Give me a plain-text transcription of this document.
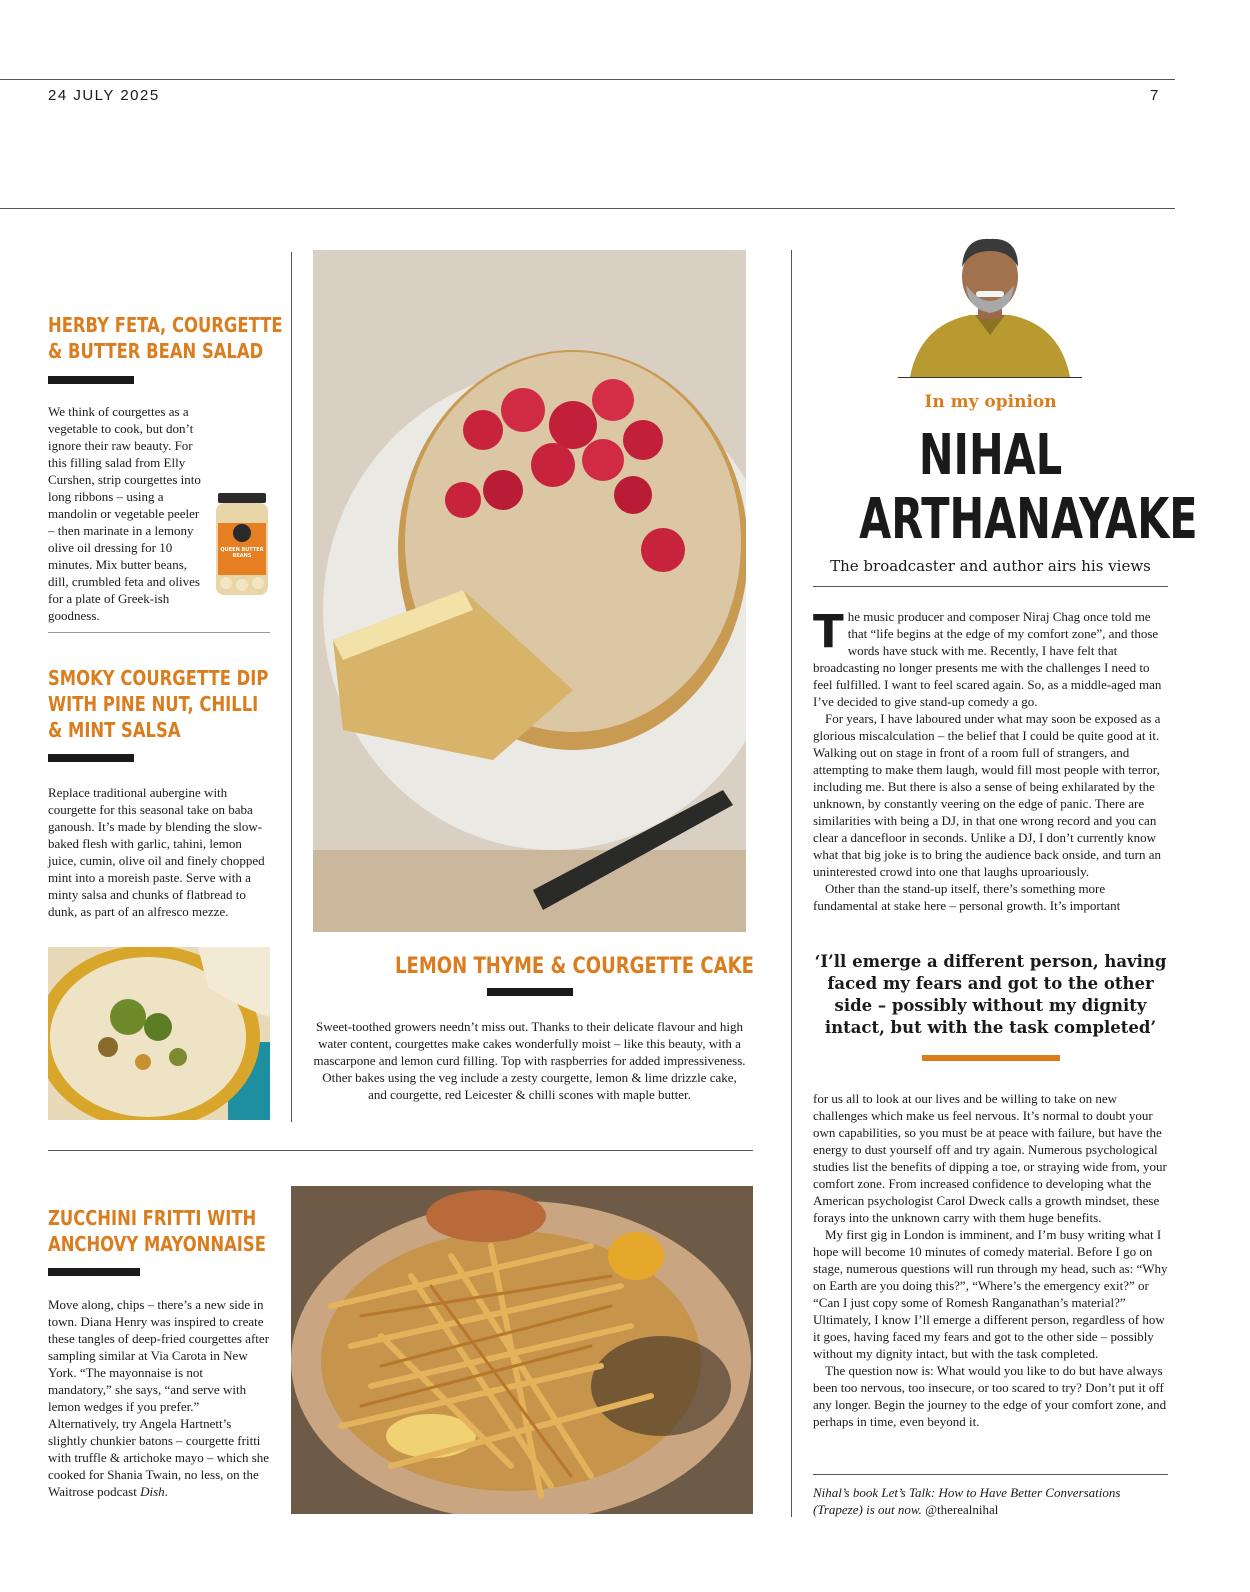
24 JULY 2025	7
HERBY FETA, COURGETTE
& BUTTER BEAN SALAD
QUEEN BUTTER BEANS
We think of courgettes as a vegetable to cook, but don’t ignore their raw beauty. For this filling salad from Elly Curshen, strip courgettes into long ribbons – using a mandolin or vegetable peeler – then marinate in a lemony olive oil dressing for 10 minutes. Mix butter beans, dill, crumbled feta and olives for a plate of Greek-ish goodness.
SMOKY COURGETTE DIP
WITH PINE NUT, CHILLI
& MINT SALSA
Replace traditional aubergine with courgette for this seasonal take on baba ganoush. It’s made by blending the slow-baked flesh with garlic, tahini, lemon juice, cumin, olive oil and finely chopped mint into a moreish paste. Serve with a minty salsa and chunks of flatbread to dunk, as part of an alfresco mezze.
LEMON THYME & COURGETTE CAKE
Sweet-toothed growers needn’t miss out. Thanks to their delicate flavour and high water content, courgettes make cakes wonderfully moist – like this beauty, with a mascarpone and lemon curd filling. Top with raspberries for added impressiveness. Other bakes using the veg include a zesty courgette, lemon & lime drizzle cake, and courgette, red Leicester & chilli scones with maple butter.
ZUCCHINI FRITTI WITH
ANCHOVY MAYONNAISE
Move along, chips – there’s a new side in town. Diana Henry was inspired to create these tangles of deep-fried courgettes after sampling similar at Via Carota in New York. “The mayonnaise is not mandatory,” she says, “and serve with lemon wedges if you prefer.” Alternatively, try Angela Hartnett’s slightly chunkier batons – courgette fritti with truffle & artichoke mayo – which she cooked for Shania Twain, no less, on the Waitrose podcast Dish.
In my opinion
NIHAL
ARTHANAYAKE
The broadcaster and author airs his views

The music producer and composer Niraj Chag once told me that “life begins at the edge of my comfort zone”, and those words have stuck with me. Recently, I have felt that broadcasting no longer presents me with the challenges I need to feel fulfilled. I want to feel scared again. So, as a middle-aged man I’ve decided to give stand-up comedy a go.

For years, I have laboured under what may soon be exposed as a glorious miscalculation – the belief that I could be quite good at it. Walking out on stage in front of a room full of strangers, and attempting to make them laugh, would fill most people with terror, including me. But there is also a sense of being exhilarated by the unknown, by constantly veering on the edge of panic. There are similarities with being a DJ, in that one wrong record and you can clear a dancefloor in seconds. Unlike a DJ, I don’t currently know what that big joke is to bring the audience back onside, and turn an uninterested crowd into one that laughs uproariously.

Other than the stand-up itself, there’s something more fundamental at stake here – personal growth. It’s important

‘I’ll emerge a different person, having faced my fears and got to the other side – possibly without my dignity intact, but with the task completed’

for us all to look at our lives and be willing to take on new challenges which make us feel nervous. It’s normal to doubt your own capabilities, so you must be at peace with failure, but have the energy to dust yourself off and try again. Numerous psychological studies list the benefits of dipping a toe, or straying wide from, your comfort zone. From increased confidence to developing what the American psychologist Carol Dweck calls a growth mindset, these forays into the unknown carry with them huge benefits.

My first gig in London is imminent, and I’m busy writing what I hope will become 10 minutes of comedy material. Before I go on stage, numerous questions will run through my head, such as: “Why on Earth are you doing this?”, “Where’s the emergency exit?” or “Can I just copy some of Romesh Ranganathan’s material?” Ultimately, I know I’ll emerge a different person, regardless of how it goes, having faced my fears and got to the other side – possibly without my dignity intact, but with the task completed.

The question now is: What would you like to do but have always been too nervous, too insecure, or too scared to try? Don’t put it off any longer. Begin the journey to the edge of your comfort zone, and perhaps in time, even beyond it.

Nihal’s book Let’s Talk: How to Have Better Conversations (Trapeze) is out now. @therealnihal
